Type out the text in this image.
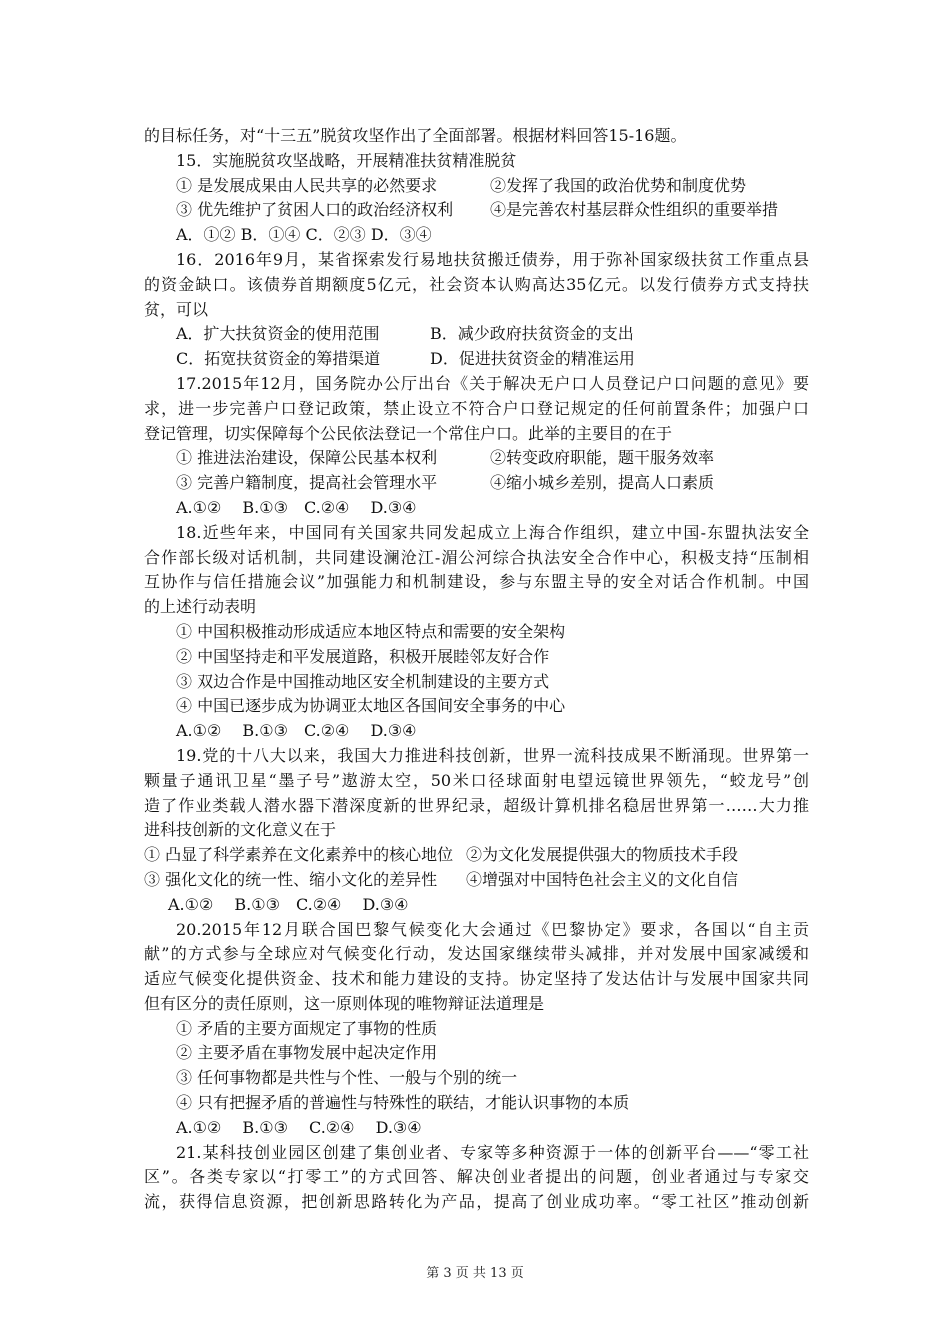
的目标任务，对“十三五”脱贫攻坚作出了全面部署。根据材料回答15-16题。
15．实施脱贫攻坚战略，开展精准扶贫精准脱贫
① 是发展成果由人民共享的必然要求	②发挥了我国的政治优势和制度优势
③ 优先维护了贫困人口的政治经济权利	④是完善农村基层群众性组织的重要举措
A．①② B．①④ C．②③ D．③④
16．2016年9月，某省探索发行易地扶贫搬迁债券，用于弥补国家级扶贫工作重点县
的资金缺口。该债券首期额度5亿元，社会资本认购高达35亿元。以发行债券方式支持扶
贫，可以
A．扩大扶贫资金的使用范围	B．减少政府扶贫资金的支出
C．拓宽扶贫资金的筹措渠道	D．促进扶贫资金的精准运用
17.2015年12月，国务院办公厅出台《关于解决无户口人员登记户口问题的意见》要
求，进一步完善户口登记政策，禁止设立不符合户口登记规定的任何前置条件；加强户口
登记管理，切实保障每个公民依法登记一个常住户口。此举的主要目的在于
① 推进法治建设，保障公民基本权利	②转变政府职能，题干服务效率
③ 完善户籍制度，提高社会管理水平	④缩小城乡差别，提高人口素质
A.①②　 B.①③　C.②④　 D.③④
18.近些年来，中国同有关国家共同发起成立上海合作组织，建立中国-东盟执法安全
合作部长级对话机制，共同建设澜沧江-湄公河综合执法安全合作中心，积极支持“压制相
互协作与信任措施会议”加强能力和机制建设，参与东盟主导的安全对话合作机制。中国
的上述行动表明
① 中国积极推动形成适应本地区特点和需要的安全架构
② 中国坚持走和平发展道路，积极开展睦邻友好合作
③ 双边合作是中国推动地区安全机制建设的主要方式
④ 中国已逐步成为协调亚太地区各国间安全事务的中心
A.①②　 B.①③　C.②④　 D.③④
19.党的十八大以来，我国大力推进科技创新，世界一流科技成果不断涌现。世界第一
颗量子通讯卫星“墨子号”遨游太空，50米口径球面射电望远镜世界领先，“蛟龙号”创
造了作业类载人潜水器下潜深度新的世界纪录，超级计算机排名稳居世界第一……大力推
进科技创新的文化意义在于
① 凸显了科学素养在文化素养中的核心地位 ②为文化发展提供强大的物质技术手段
③ 强化文化的统一性、缩小文化的差异性	④增强对中国特色社会主义的文化自信
A.①②　 B.①③　C.②④　 D.③④
20.2015年12月联合国巴黎气候变化大会通过《巴黎协定》要求，各国以“自主贡
献”的方式参与全球应对气候变化行动，发达国家继续带头减排，并对发展中国家减缓和
适应气候变化提供资金、技术和能力建设的支持。协定坚持了发达估计与发展中国家共同
但有区分的责任原则，这一原则体现的唯物辩证法道理是
① 矛盾的主要方面规定了事物的性质
② 主要矛盾在事物发展中起决定作用
③ 任何事物都是共性与个性、一般与个别的统一
④ 只有把握矛盾的普遍性与特殊性的联结，才能认识事物的本质
A.①②　 B.①③　 C.②④　 D.③④
21.某科技创业园区创建了集创业者、专家等多种资源于一体的创新平台——“零工社
区”。各类专家以“打零工”的方式回答、解决创业者提出的问题，创业者通过与专家交
流，获得信息资源，把创新思路转化为产品，提高了创业成功率。“零工社区”推动创新
第 3 页 共 13 页
